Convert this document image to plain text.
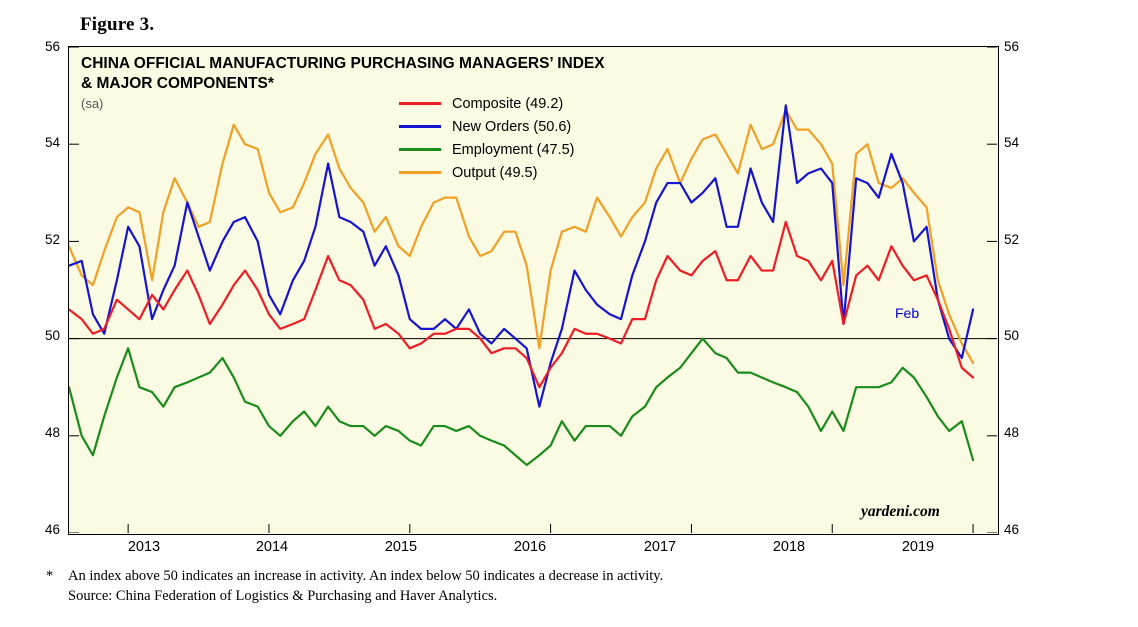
Figure 3.
56
54
52
50
48
46
56
54
52
50
48
46
2013	2014	2015	2016	2017	2018	2019
CHINA OFFICIAL MANUFACTURING PURCHASING MANAGERS’ INDEX
& MAJOR COMPONENTS*
(sa)	Composite (49.2)
New Orders (50.6)
Employment (47.5)
Output (49.5)
Feb
yardeni.com
*	An index above 50 indicates an increase in activity. An index below 50 indicates a decrease in activity.
Source: China Federation of Logistics & Purchasing and Haver Analytics.
